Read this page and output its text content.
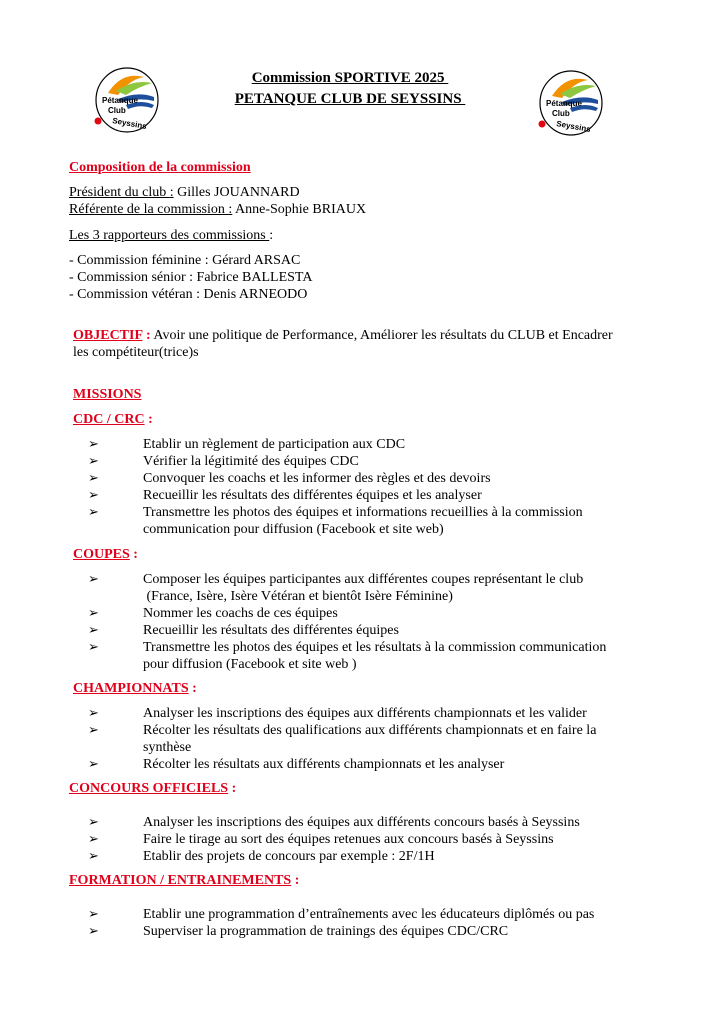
Pétanque
Club
Seyssins
Pétanque
Club
Seyssins
Commission SPORTIVE 2025
PETANQUE CLUB DE SEYSSINS
Composition de la commission
Président du club : Gilles JOUANNARD
Référente de la commission : Anne-Sophie BRIAUX
Les 3 rapporteurs des commissions :
- Commission féminine : Gérard ARSAC
- Commission sénior : Fabrice BALLESTA
- Commission vétéran : Denis ARNEODO
OBJECTIF : Avoir une politique de Performance, Améliorer les résultats du CLUB et Encadrer
les compétiteur(trice)s
MISSIONS
CDC / CRC :
➢	Etablir un règlement de participation aux CDC
➢	Vérifier la légitimité des équipes CDC
➢	Convoquer les coachs et les informer des règles et des devoirs
➢	Recueillir les résultats des différentes équipes et les analyser
➢	Transmettre les photos des équipes et informations recueillies à la commission
communication pour diffusion (Facebook et site web)
COUPES :
➢	Composer les équipes participantes aux différentes coupes représentant le club
(France, Isère, Isère Vétéran et bientôt Isère Féminine)
➢	Nommer les coachs de ces équipes
➢	Recueillir les résultats des différentes équipes
➢	Transmettre les photos des équipes et les résultats à la commission communication
pour diffusion (Facebook et site web )
CHAMPIONNATS :
➢	Analyser les inscriptions des équipes aux différents championnats et les valider
➢	Récolter les résultats des qualifications aux différents championnats et en faire la
synthèse
➢	Récolter les résultats aux différents championnats et les analyser
CONCOURS OFFICIELS :
➢	Analyser les inscriptions des équipes aux différents concours basés à Seyssins
➢	Faire le tirage au sort des équipes retenues aux concours basés à Seyssins
➢	Etablir des projets de concours par exemple : 2F/1H
FORMATION / ENTRAINEMENTS :
➢	Etablir une programmation d’entraînements avec les éducateurs diplômés ou pas
➢	Superviser la programmation de trainings des équipes CDC/CRC
